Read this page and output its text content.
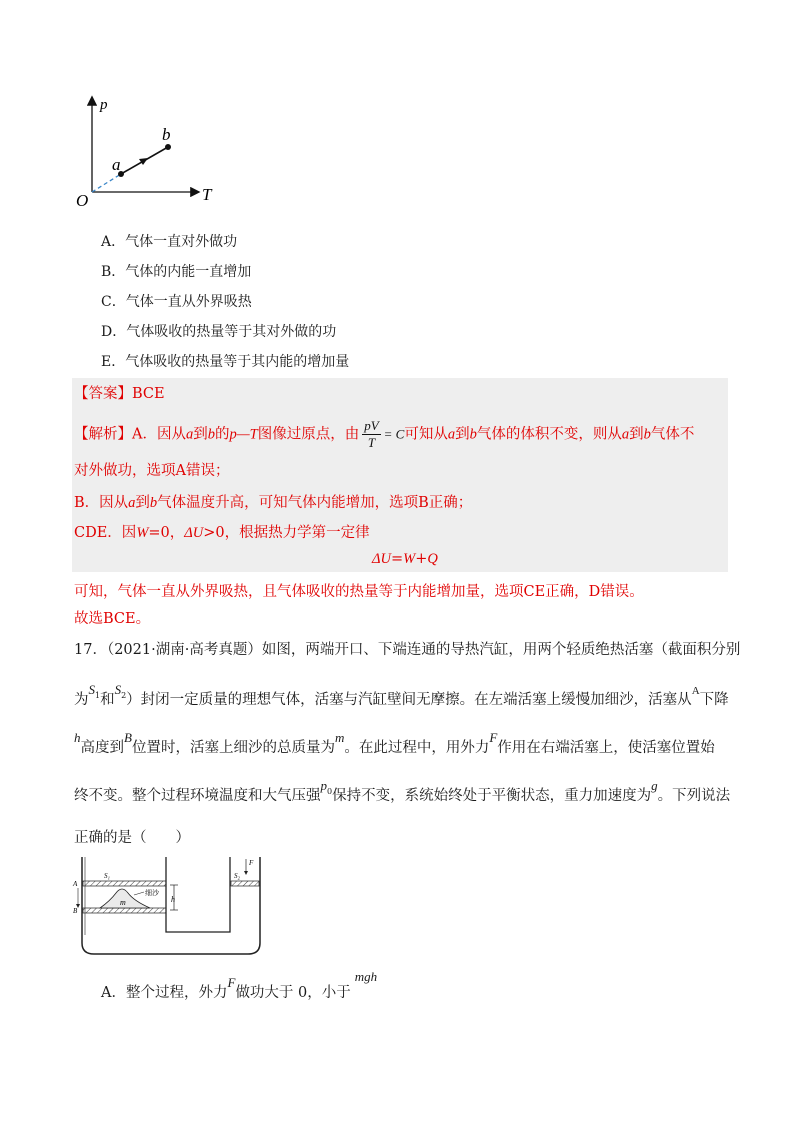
p
T
O
a
b
A．气体一直对外做功
B．气体的内能一直增加
C．气体一直从外界吸热
D．气体吸收的热量等于其对外做的功
E．气体吸收的热量等于其内能的增加量
【答案】BCE
【解析】A．因从a到b的p—T图像过原点，由 $\frac{pV}{T} = C$可知从a到b气体的体积不变，则从a到b气体不
对外做功，选项A错误；
B．因从a到b气体温度升高，可知气体内能增加，选项B正确；
CDE．因W=0，ΔU>0，根据热力学第一定律
ΔU=W+Q
可知，气体一直从外界吸热，且气体吸收的热量等于内能增加量，选项CE正确，D错误。
故选BCE。
17．（2021·湖南·高考真题）如图，两端开口、下端连通的导热汽缸，用两个轻质绝热活塞（截面积分别
为$S^1$和$S^2$）封闭一定质量的理想气体，活塞与汽缸壁间无摩擦。在左端活塞上缓慢加细沙，活塞从$^A$下降
h高度到B位置时，活塞上细沙的总质量为m。在此过程中，用外力F作用在右端活塞上，使活塞位置始
终不变。整个过程环境温度和大气压强$p^0$保持不变，系统始终处于平衡状态，重力加速度为g。下列说法
正确的是（　　）
m
细沙
h
A
B
S₁	S₂
F
A．整个过程，外力F做功大于 0，小于mgh
